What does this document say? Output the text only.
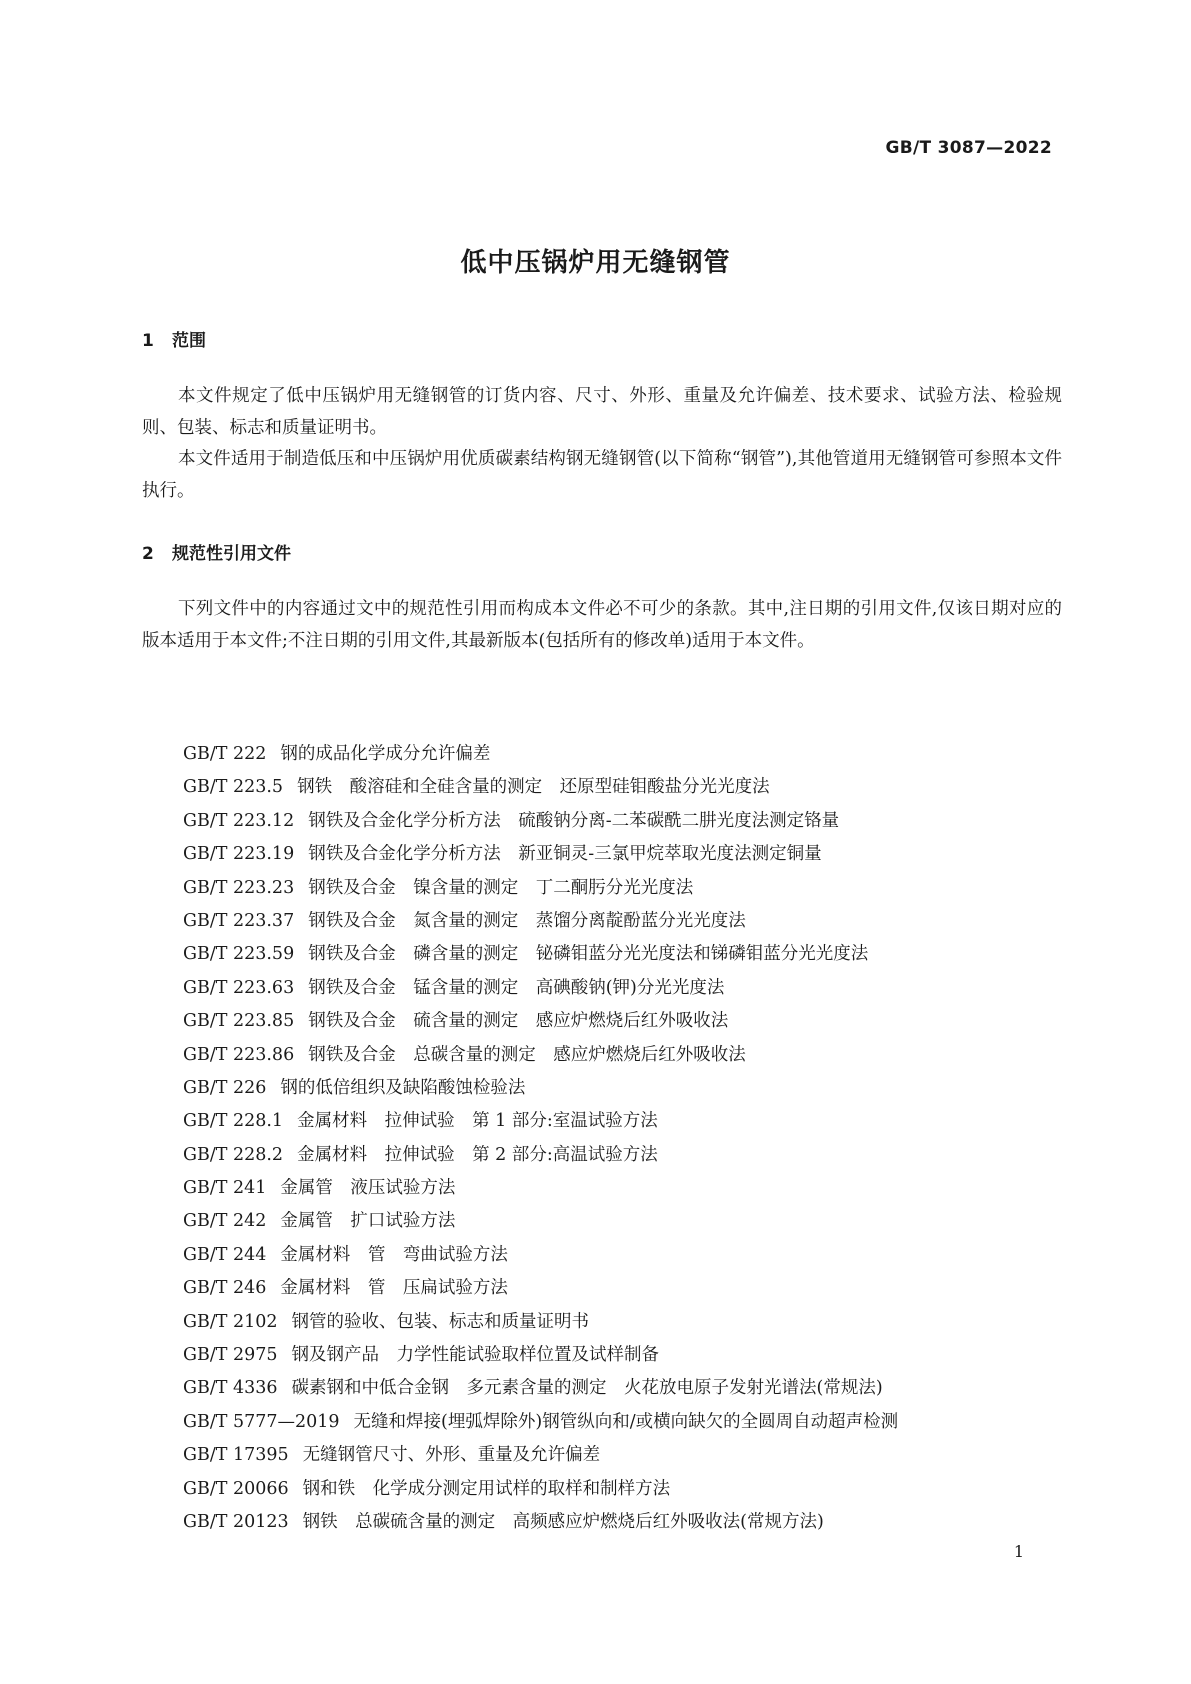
GB/T 3087—2022
低中压锅炉用无缝钢管
1 范围

本文件规定了低中压锅炉用无缝钢管的订货内容、尺寸、外形、重量及允许偏差、技术要求、试验方法、检验规则、包装、标志和质量证明书。

本文件适用于制造低压和中压锅炉用优质碳素结构钢无缝钢管(以下简称“钢管”),其他管道用无缝钢管可参照本文件执行。

2 规范性引用文件

下列文件中的内容通过文中的规范性引用而构成本文件必不可少的条款。其中,注日期的引用文件,仅该日期对应的版本适用于本文件;不注日期的引用文件,其最新版本(包括所有的修改单)适用于本文件。

GB/T 222 钢的成品化学成分允许偏差
GB/T 223.5 钢铁　酸溶硅和全硅含量的测定　还原型硅钼酸盐分光光度法
GB/T 223.12 钢铁及合金化学分析方法　硫酸钠分离-二苯碳酰二肼光度法测定铬量
GB/T 223.19 钢铁及合金化学分析方法　新亚铜灵-三氯甲烷萃取光度法测定铜量
GB/T 223.23 钢铁及合金　镍含量的测定　丁二酮肟分光光度法
GB/T 223.37 钢铁及合金　氮含量的测定　蒸馏分离靛酚蓝分光光度法
GB/T 223.59 钢铁及合金　磷含量的测定　铋磷钼蓝分光光度法和锑磷钼蓝分光光度法
GB/T 223.63 钢铁及合金　锰含量的测定　高碘酸钠(钾)分光光度法
GB/T 223.85 钢铁及合金　硫含量的测定　感应炉燃烧后红外吸收法
GB/T 223.86 钢铁及合金　总碳含量的测定　感应炉燃烧后红外吸收法
GB/T 226 钢的低倍组织及缺陷酸蚀检验法
GB/T 228.1 金属材料　拉伸试验　第 1 部分:室温试验方法
GB/T 228.2 金属材料　拉伸试验　第 2 部分:高温试验方法
GB/T 241 金属管　液压试验方法
GB/T 242 金属管　扩口试验方法
GB/T 244 金属材料　管　弯曲试验方法
GB/T 246 金属材料　管　压扁试验方法
GB/T 2102 钢管的验收、包装、标志和质量证明书
GB/T 2975 钢及钢产品　力学性能试验取样位置及试样制备
GB/T 4336 碳素钢和中低合金钢　多元素含量的测定　火花放电原子发射光谱法(常规法)
GB/T 5777—2019 无缝和焊接(埋弧焊除外)钢管纵向和/或横向缺欠的全圆周自动超声检测
GB/T 17395 无缝钢管尺寸、外形、重量及允许偏差
GB/T 20066 钢和铁　化学成分测定用试样的取样和制样方法
GB/T 20123 钢铁　总碳硫含量的测定　高频感应炉燃烧后红外吸收法(常规方法)
1
